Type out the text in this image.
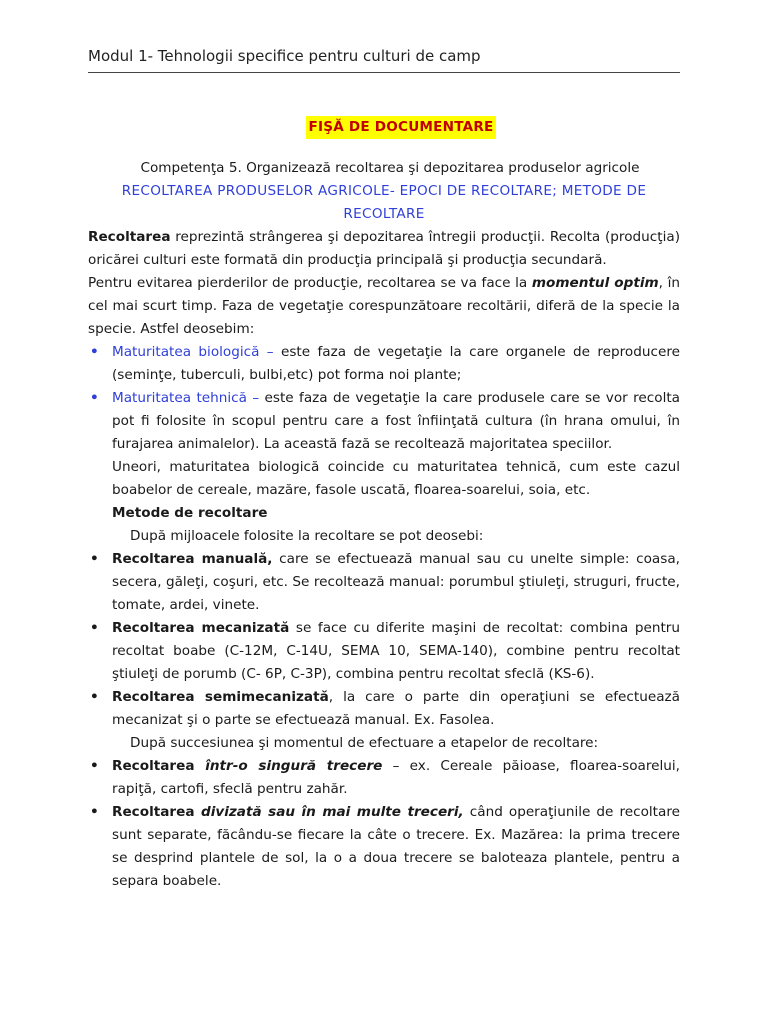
Modul 1- Tehnologii specifice pentru culturi de camp
FIŞĂ DE DOCUMENTARE
Competenţa 5. Organizează recoltarea şi depozitarea produselor agricole
RECOLTAREA PRODUSELOR AGRICOLE- EPOCI DE RECOLTARE; METODE DE RECOLTARE
Recoltarea reprezintă strângerea şi depozitarea întregii producţii. Recolta (producţia) oricărei culturi este formată din producţia principală şi producţia secundară.
Pentru evitarea pierderilor de producţie, recoltarea se va face la momentul optim, în cel mai scurt timp. Faza de vegetaţie corespunzătoare recoltării, diferă de la specie la specie. Astfel deosebim:
• Maturitatea biologică – este faza de vegetaţie la care organele de reproducere (seminţe, tuberculi, bulbi,etc) pot forma noi plante;
• Maturitatea tehnică – este faza de vegetaţie la care produsele care se vor recolta pot fi folosite în scopul pentru care a fost înfiinţată cultura (în hrana omului, în furajarea animalelor). La această fază se recoltează majoritatea speciilor.
Uneori, maturitatea biologică coincide cu maturitatea tehnică, cum este cazul boabelor de cereale, mazăre, fasole uscată, floarea-soarelui, soia, etc.
Metode de recoltare
După mijloacele folosite la recoltare se pot deosebi:
• Recoltarea manuală, care se efectuează manual sau cu unelte simple: coasa, secera, gălеţi, coşuri, etc. Se recoltează manual: porumbul ştiuleţi, struguri, fructe, tomate, ardei, vinete.
• Recoltarea mecanizată se face cu diferite maşini de recoltat: combina pentru recoltat boabe (C-12M, C-14U, SEMA 10, SEMA-140), combine pentru recoltat ştiuleţi de porumb (C- 6P, C-3P), combina pentru recoltat sfeclă (KS-6).
• Recoltarea semimecanizată, la care o parte din operaţiuni se efectuează mecanizat şi o parte se efectuează manual. Ex. Fasolea.
După succesiunea şi momentul de efectuare a etapelor de recoltare:
• Recoltarea într-o singură trecere – ex. Cereale păioase, floarea-soarelui, rapiţă, cartofi, sfeclă pentru zahăr.
• Recoltarea divizată sau în mai multe treceri, când operaţiunile de recoltare sunt separate, făcându-se fiecare la câte o trecere. Ex. Mazărea: la prima trecere se desprind plantele de sol, la o a doua trecere se baloteaza plantele, pentru a separa boabele.
